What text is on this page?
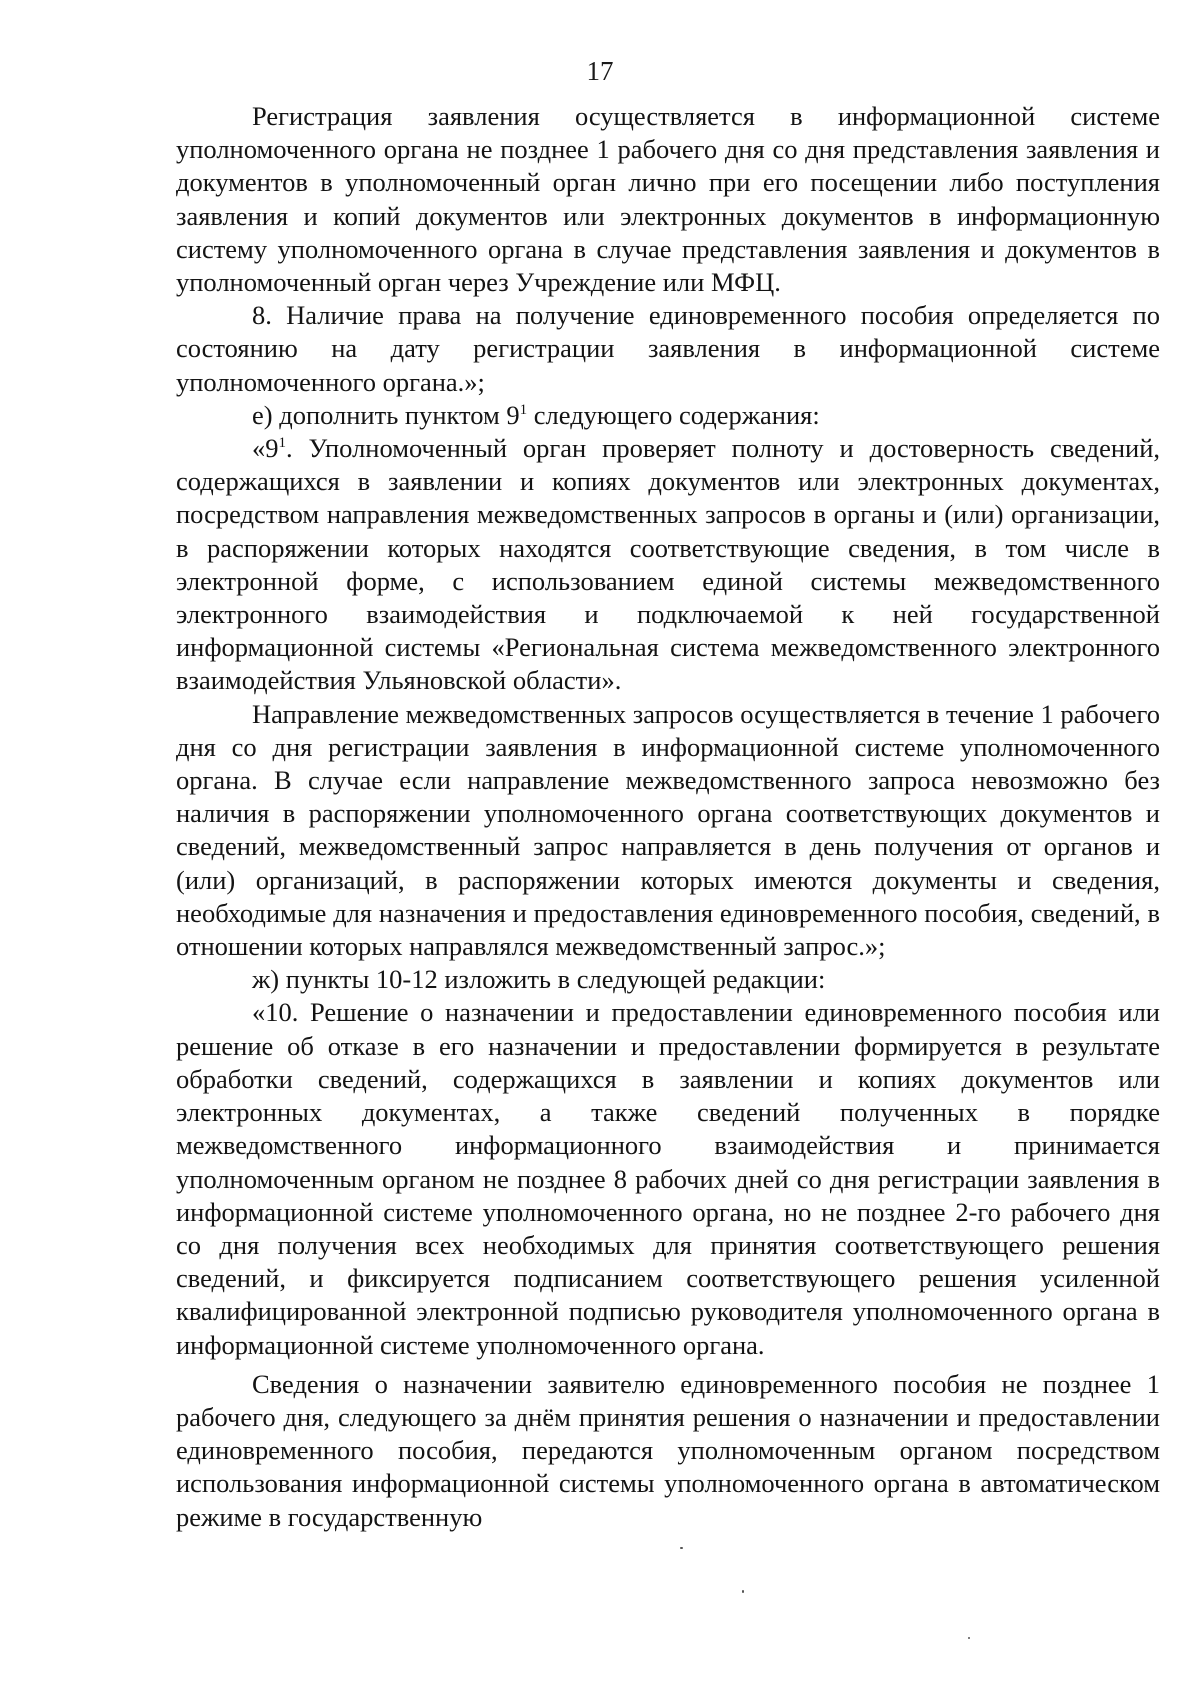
17

Регистрация заявления осуществляется в информационной системе уполномоченного органа не позднее 1 рабочего дня со дня представления заявления и документов в уполномоченный орган лично при его посещении либо поступления заявления и копий документов или электронных документов в информационную систему уполномоченного органа в случае представления заявления и документов в уполномоченный орган через Учреждение или МФЦ.

8. Наличие права на получение единовременного пособия определяется по состоянию на дату регистрации заявления в информационной системе уполномоченного органа.»;

е) дополнить пунктом $9^1$ следующего содержания:

«$9^1$. Уполномоченный орган проверяет полноту и достоверность сведений, содержащихся в заявлении и копиях документов или электронных документах, посредством направления межведомственных запросов в органы и (или) организации, в распоряжении которых находятся соответствующие сведения, в том числе в электронной форме, с использованием единой системы межведомственного электронного взаимодействия и подключаемой к ней государственной информационной системы «Региональная система межведомственного электронного взаимодействия Ульяновской области».

Направление межведомственных запросов осуществляется в течение 1 рабочего дня со дня регистрации заявления в информационной системе уполномоченного органа. В случае если направление межведомственного запроса невозможно без наличия в распоряжении уполномоченного органа соответствующих документов и сведений, межведомственный запрос направляется в день получения от органов и (или) организаций, в распоряжении которых имеются документы и сведения, необходимые для назначения и предоставления единовременного пособия, сведений, в отношении которых направлялся межведомственный запрос.»;

ж) пункты 10-12 изложить в следующей редакции:

«10. Решение о назначении и предоставлении единовременного пособия или решение об отказе в его назначении и предоставлении формируется в результате обработки сведений, содержащихся в заявлении и копиях документов или электронных документах, а также сведений полученных в порядке межведомственного информационного взаимодействия и принимается уполномоченным органом не позднее 8 рабочих дней со дня регистрации заявления в информационной системе уполномоченного органа, но не позднее 2-го рабочего дня со дня получения всех необходимых для принятия соответствующего решения сведений, и фиксируется подписанием соответствующего решения усиленной квалифицированной электронной подписью руководителя уполномоченного органа в информационной системе уполномоченного органа.

Сведения о назначении заявителю единовременного пособия не позднее 1 рабочего дня, следующего за днём принятия решения о назначении и предоставлении единовременного пособия, передаются уполномоченным органом посредством использования информационной системы уполномоченного органа в автоматическом режиме в государственную
